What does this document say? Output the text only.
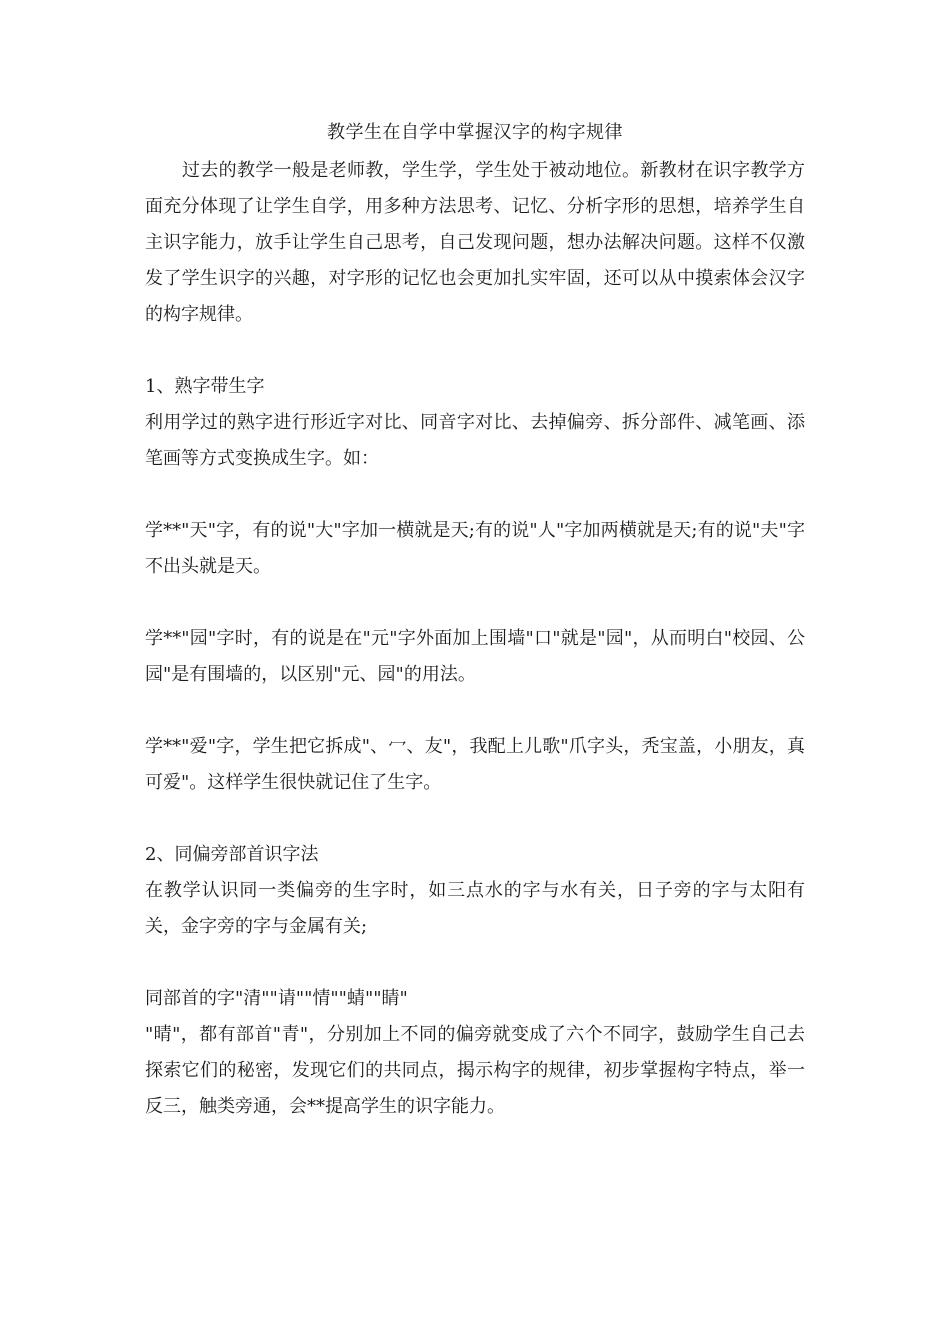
教学生在自学中掌握汉字的构字规律

过去的教学一般是老师教，学生学，学生处于被动地位。新教材在识字教学方面充分体现了让学生自学，用多种方法思考、记忆、分析字形的思想，培养学生自主识字能力，放手让学生自己思考，自己发现问题，想办法解决问题。这样不仅激发了学生识字的兴趣，对字形的记忆也会更加扎实牢固，还可以从中摸索体会汉字的构字规律。

1、熟字带生字

利用学过的熟字进行形近字对比、同音字对比、去掉偏旁、拆分部件、减笔画、添笔画等方式变换成生字。如：

学**"天"字，有的说"大"字加一横就是天;有的说"人"字加两横就是天;有的说"夫"字不出头就是天。

学**"园"字时，有的说是在"元"字外面加上围墙"口"就是"园"，从而明白"校园、公园"是有围墙的，以区别"元、园"的用法。

学**"爱"字，学生把它拆成"、冖、友"，我配上儿歌"爪字头，秃宝盖，小朋友，真可爱"。这样学生很快就记住了生字。

2、同偏旁部首识字法

在教学认识同一类偏旁的生字时，如三点水的字与水有关，日子旁的字与太阳有关，金字旁的字与金属有关;

同部首的字"清""请""情""蜻""睛"

"晴"，都有部首"青"，分别加上不同的偏旁就变成了六个不同字，鼓励学生自己去探索它们的秘密，发现它们的共同点，揭示构字的规律，初步掌握构字特点，举一反三，触类旁通，会**提高学生的识字能力。
